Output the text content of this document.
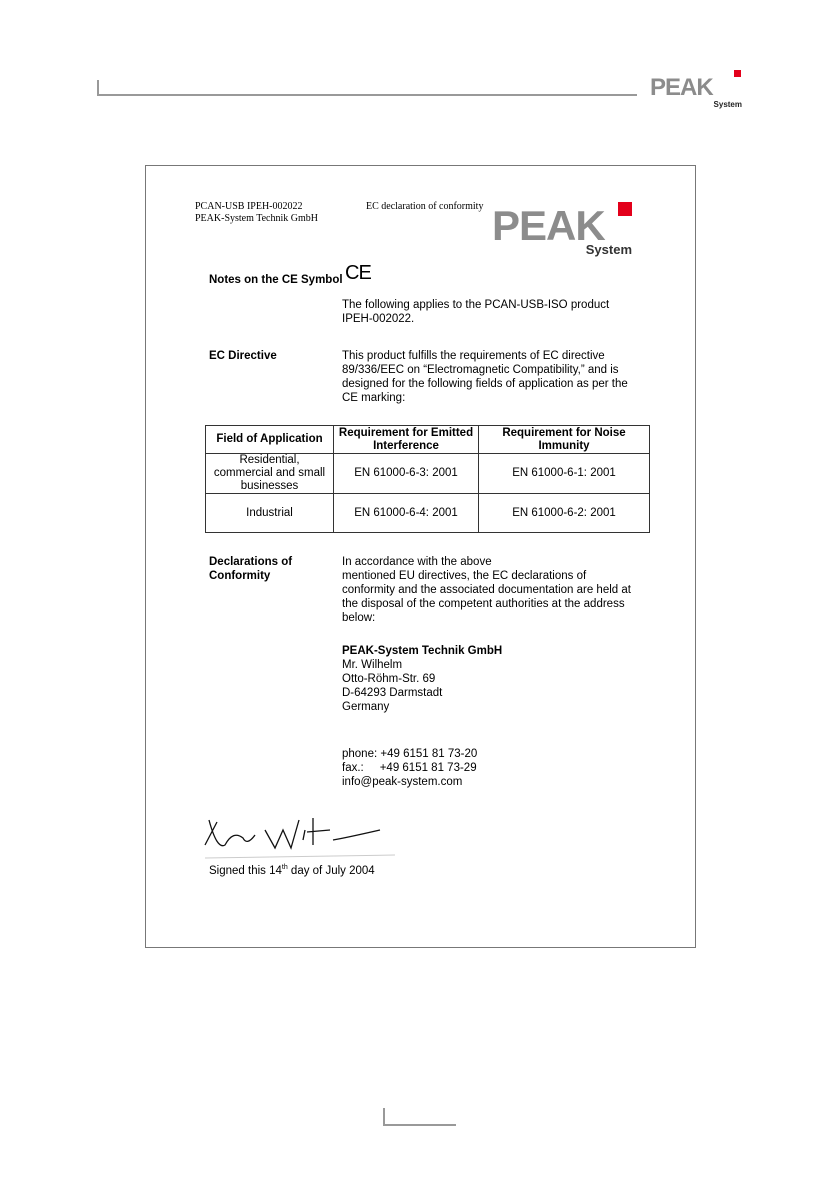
PEAK
System
PCAN-USB IPEH-002022
PEAK-System Technik GmbH
EC declaration of conformity PEAK
System
Notes on the CE Symbol CE
The following applies to the PCAN-USB-ISO product
IPEH-002022.
EC Directive	This product fulfills the requirements of EC directive
89/336/EEC on “Electromagnetic Compatibility,” and is
designed for the following fields of application as per the
CE marking:
Field of Application	Requirement for Emitted Interference	Requirement for Noise Immunity
Residential, commercial and small businesses	EN 61000-6-3: 2001	EN 61000-6-1: 2001
Industrial	EN 61000-6-4: 2001	EN 61000-6-2: 2001
Declarations of
Conformity
In accordance with the above
mentioned EU directives, the EC declarations of
conformity and the associated documentation are held at
the disposal of the competent authorities at the address
below:
PEAK-System Technik GmbH
Mr. Wilhelm
Otto-Röhm-Str. 69
D-64293 Darmstadt
Germany

phone: +49 6151 81 73-20
fax.:     +49 6151 81 73-29
info@peak-system.com

Signed this 14th day of July 2004
